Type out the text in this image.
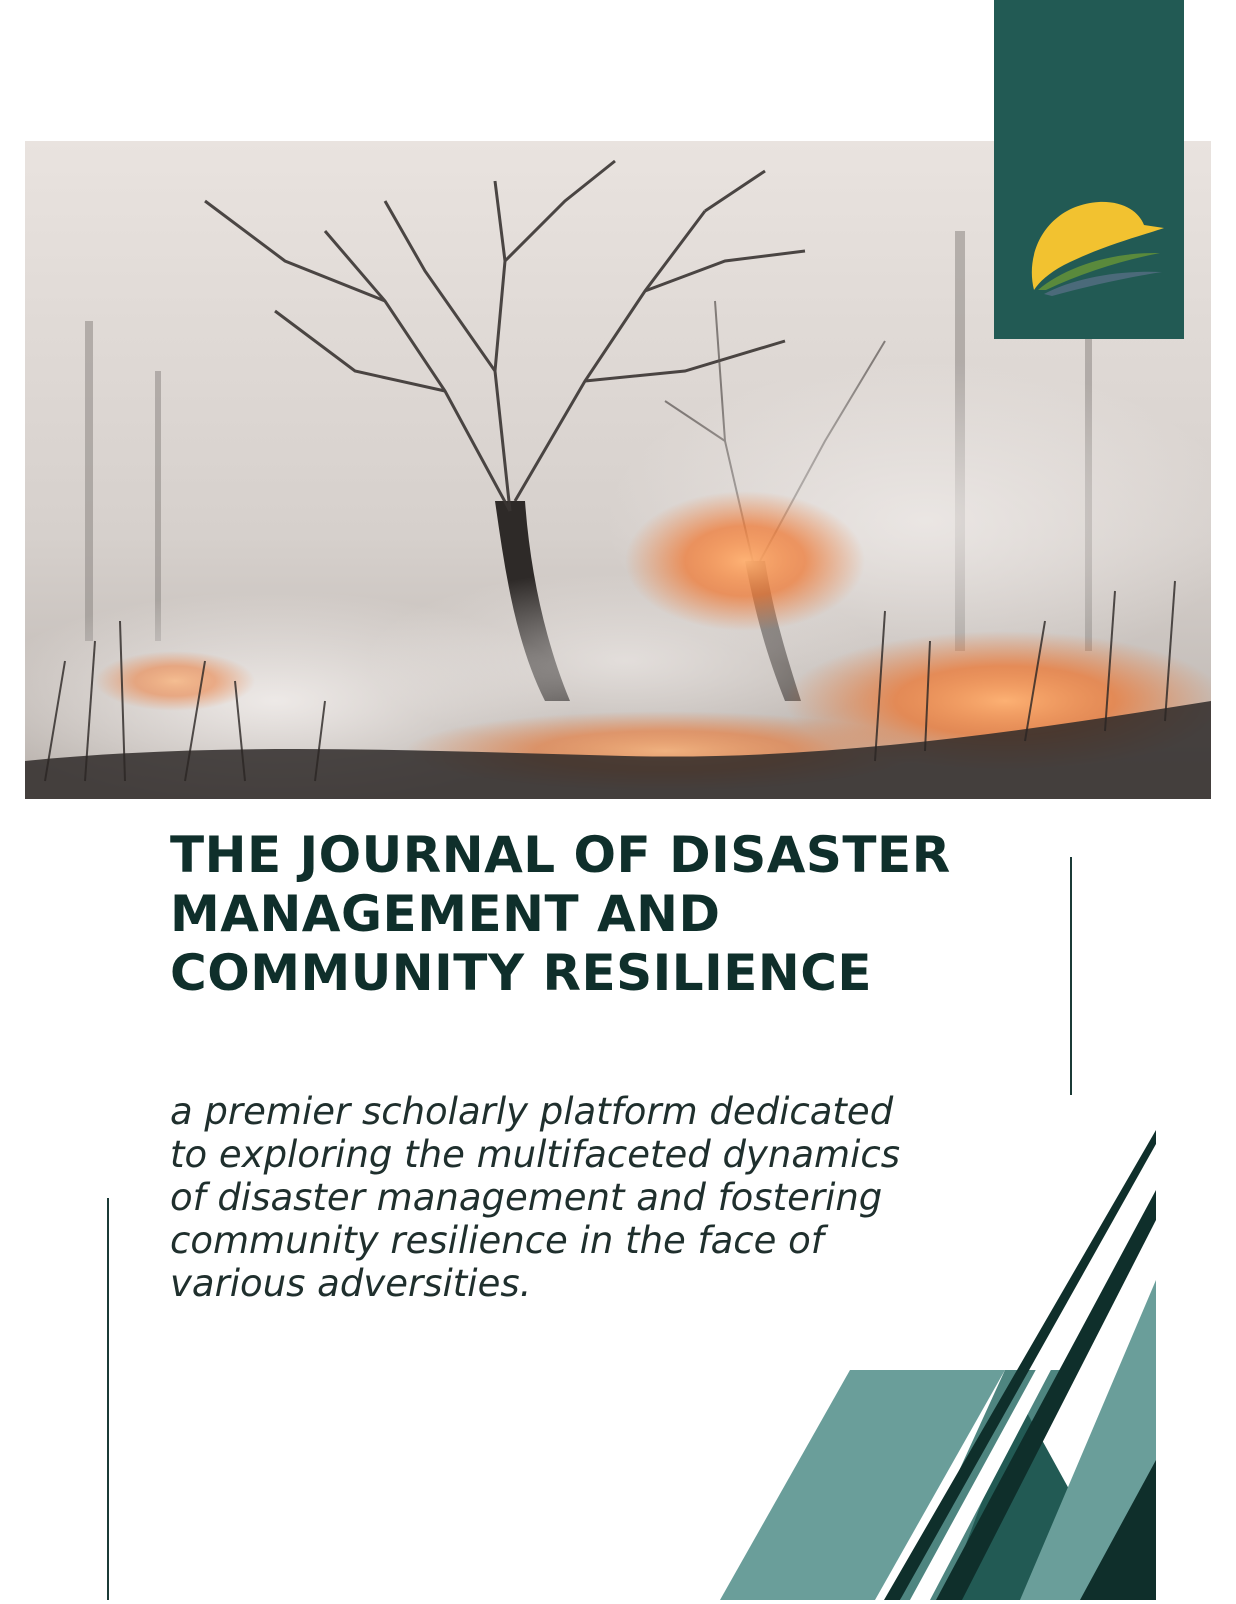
THE JOURNAL OF DISASTER
MANAGEMENT AND
COMMUNITY RESILIENCE

a premier scholarly platform dedicated
to exploring the multifaceted dynamics
of disaster management and fostering
community resilience in the face of
various adversities.
